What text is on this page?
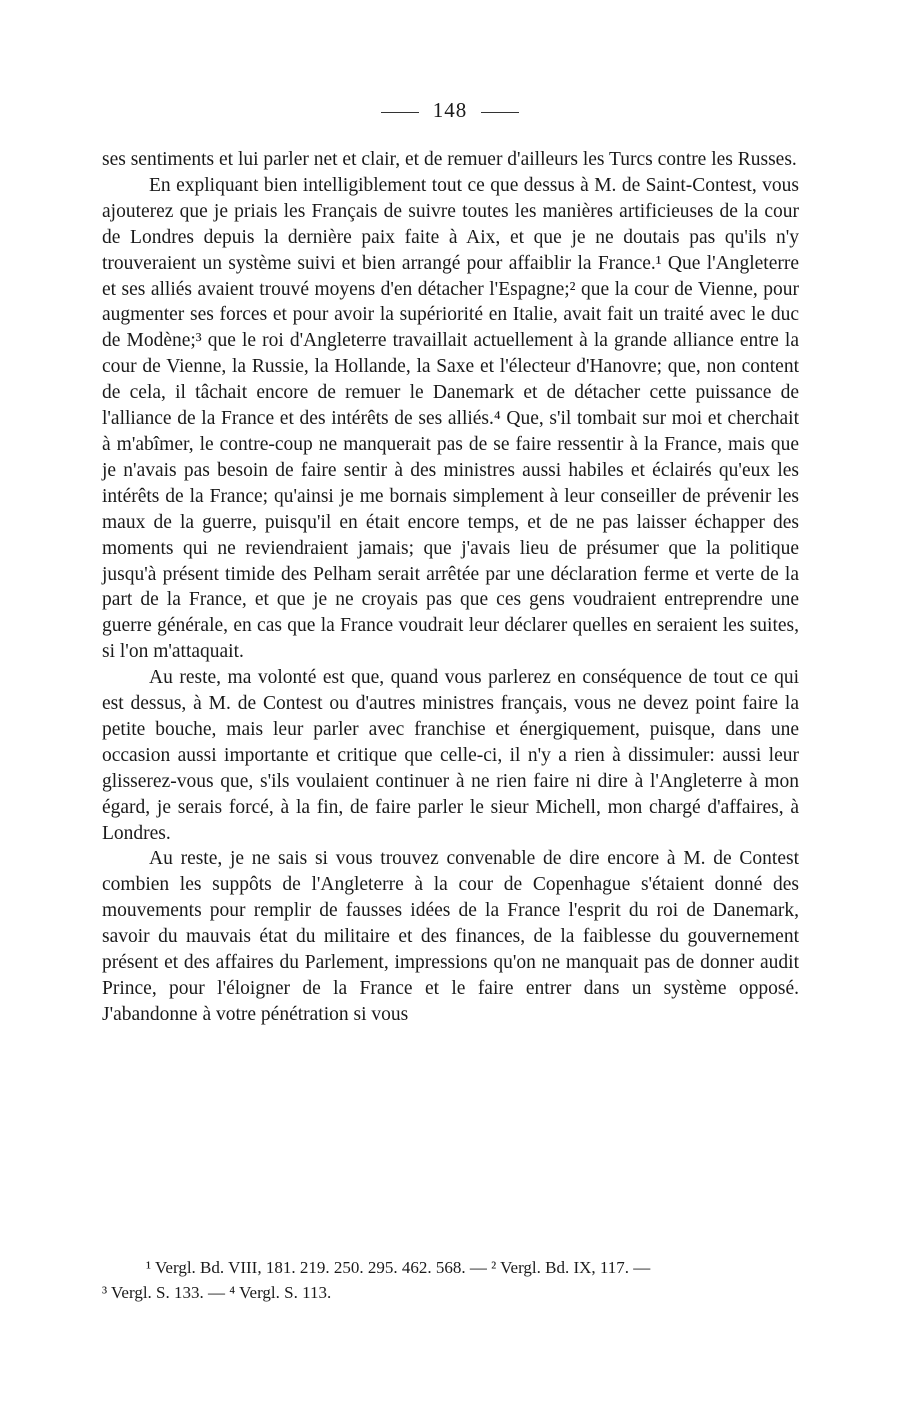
148

ses sentiments et lui parler net et clair, et de remuer d'ailleurs les Turcs contre les Russes.

En expliquant bien intelligiblement tout ce que dessus à M. de Saint-Contest, vous ajouterez que je priais les Français de suivre toutes les manières artificieuses de la cour de Londres depuis la dernière paix faite à Aix, et que je ne doutais pas qu'ils n'y trouveraient un système suivi et bien arrangé pour affaiblir la France.¹ Que l'Angleterre et ses alliés avaient trouvé moyens d'en détacher l'Espagne;² que la cour de Vienne, pour augmenter ses forces et pour avoir la supériorité en Italie, avait fait un traité avec le duc de Modène;³ que le roi d'Angleterre travaillait actuellement à la grande alliance entre la cour de Vienne, la Russie, la Hollande, la Saxe et l'électeur d'Hanovre; que, non content de cela, il tâchait encore de remuer le Danemark et de détacher cette puissance de l'alliance de la France et des intérêts de ses alliés.⁴ Que, s'il tombait sur moi et cherchait à m'abîmer, le contre-coup ne manquerait pas de se faire ressentir à la France, mais que je n'avais pas besoin de faire sentir à des ministres aussi habiles et éclairés qu'eux les intérêts de la France; qu'ainsi je me bornais simplement à leur conseiller de prévenir les maux de la guerre, puisqu'il en était encore temps, et de ne pas laisser échapper des moments qui ne reviendraient jamais; que j'avais lieu de présumer que la politique jusqu'à présent timide des Pelham serait arrêtée par une déclaration ferme et verte de la part de la France, et que je ne croyais pas que ces gens voudraient entreprendre une guerre générale, en cas que la France voudrait leur déclarer quelles en seraient les suites, si l'on m'attaquait.

Au reste, ma volonté est que, quand vous parlerez en conséquence de tout ce qui est dessus, à M. de Contest ou d'autres ministres français, vous ne devez point faire la petite bouche, mais leur parler avec franchise et énergiquement, puisque, dans une occasion aussi importante et critique que celle-ci, il n'y a rien à dissimuler: aussi leur glisserez-vous que, s'ils voulaient continuer à ne rien faire ni dire à l'Angleterre à mon égard, je serais forcé, à la fin, de faire parler le sieur Michell, mon chargé d'affaires, à Londres.

Au reste, je ne sais si vous trouvez convenable de dire encore à M. de Contest combien les suppôts de l'Angleterre à la cour de Copenhague s'étaient donné des mouvements pour remplir de fausses idées de la France l'esprit du roi de Danemark, savoir du mauvais état du militaire et des finances, de la faiblesse du gouvernement présent et des affaires du Parlement, impressions qu'on ne manquait pas de donner audit Prince, pour l'éloigner de la France et le faire entrer dans un système opposé. J'abandonne à votre pénétration si vous

¹ Vergl. Bd. VIII, 181. 219. 250. 295. 462. 568. — ² Vergl. Bd. IX, 117. —
³ Vergl. S. 133. — ⁴ Vergl. S. 113.
